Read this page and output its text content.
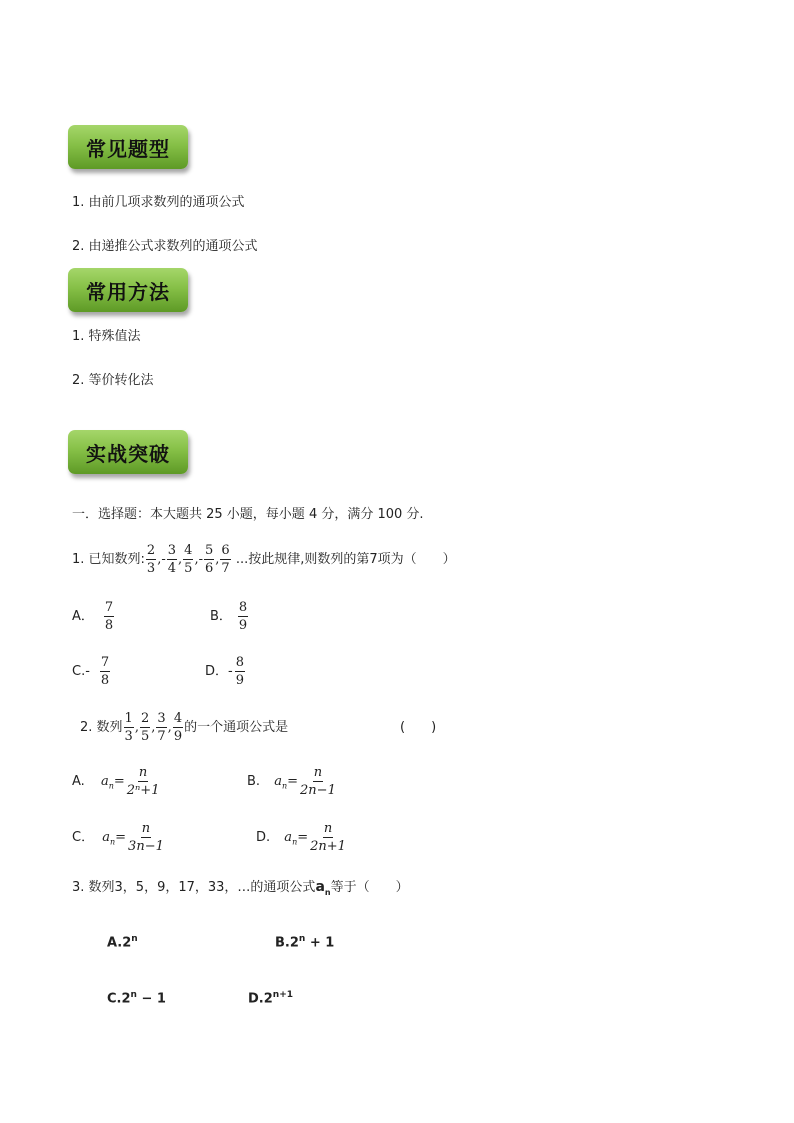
常见题型
1. 由前几项求数列的通项公式
2. 由递推公式求数列的通项公式
常用方法
1. 特殊值法
2. 等价转化法
实战突破
一．选择题：本大题共 25 小题，每小题 4 分，满分 100 分.
1. 已知数列: $\frac{2}{3}$ ,- $\frac{3}{4}$ , $\frac{4}{5}$ ,- $\frac{5}{6}$ , $\frac{6}{7}$ ...按此规律,则数列的第7项为（　　）
A． $\frac{7}{8}$	B． $\frac{8}{9}$
$C.- \frac{7}{8}$	D．- $\frac{8}{9}$
2. 数列 $\frac{1}{3}$ , $\frac{2}{5}$ , $\frac{3}{7}$ , $\frac{4}{9}$ 的一个通项公式是	(　　)
A. $a_n= \frac{n}{\text{2ⁿ+1}}$	B. $a_n= \frac{n}{2n-1}$
C． $a_n= \frac{n}{3n-1}$	D. $a_n= \frac{n}{2n+1}$
3. 数列3，5，9，17，33，…的通项公式$a_n$等于（　　）
A.2$^n$	$B.2^n + 1$
$C.2^n - 1$	$D.2^{n+1}$
